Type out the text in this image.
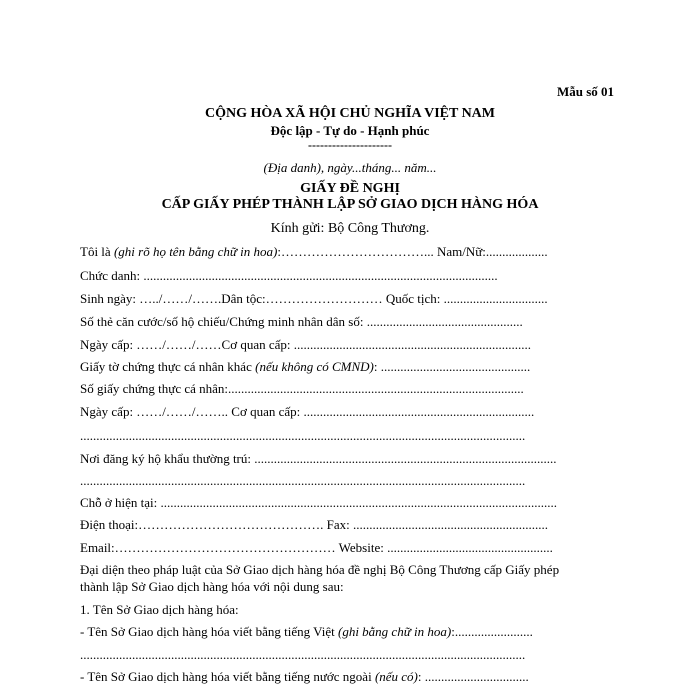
Mẫu số 01
CỘNG HÒA XÃ HỘI CHỦ NGHĨA VIỆT NAM
Độc lập - Tự do - Hạnh phúc
---------------------
(Địa danh), ngày...tháng... năm...
GIẤY ĐỀ NGHỊ
CẤP GIẤY PHÉP THÀNH LẬP SỞ GIAO DỊCH HÀNG HÓA
Kính gửi: Bộ Công Thương.
Tôi là (ghi rõ họ tên bằng chữ in hoa):……………………………... Nam/Nữ:...................
Chức danh: .............................................................................................................
Sinh ngày: …../……/…….Dân tộc:……………………… Quốc tịch: ................................
Số thẻ căn cước/số hộ chiếu/Chứng minh nhân dân số: ................................................
Ngày cấp: ……/……/……Cơ quan cấp: .........................................................................
Giấy tờ chứng thực cá nhân khác (nếu không có CMND): ..............................................
Số giấy chứng thực cá nhân:...........................................................................................
Ngày cấp: ……/……/…….. Cơ quan cấp: .......................................................................
.........................................................................................................................................
Nơi đăng ký hộ khẩu thường trú: .............................................................................................
.........................................................................................................................................
Chỗ ở hiện tại: ..........................................................................................................................
Điện thoại:……………………………………. Fax: ............................................................
Email:…………………………………………… Website: ...................................................
Đại diện theo pháp luật của Sở Giao dịch hàng hóa đề nghị Bộ Công Thương cấp Giấy phép
thành lập Sở Giao dịch hàng hóa với nội dung sau:
1. Tên Sở Giao dịch hàng hóa:
- Tên Sở Giao dịch hàng hóa viết bằng tiếng Việt (ghi bằng chữ in hoa):........................
.........................................................................................................................................
- Tên Sở Giao dịch hàng hóa viết bằng tiếng nước ngoài (nếu có): ................................
